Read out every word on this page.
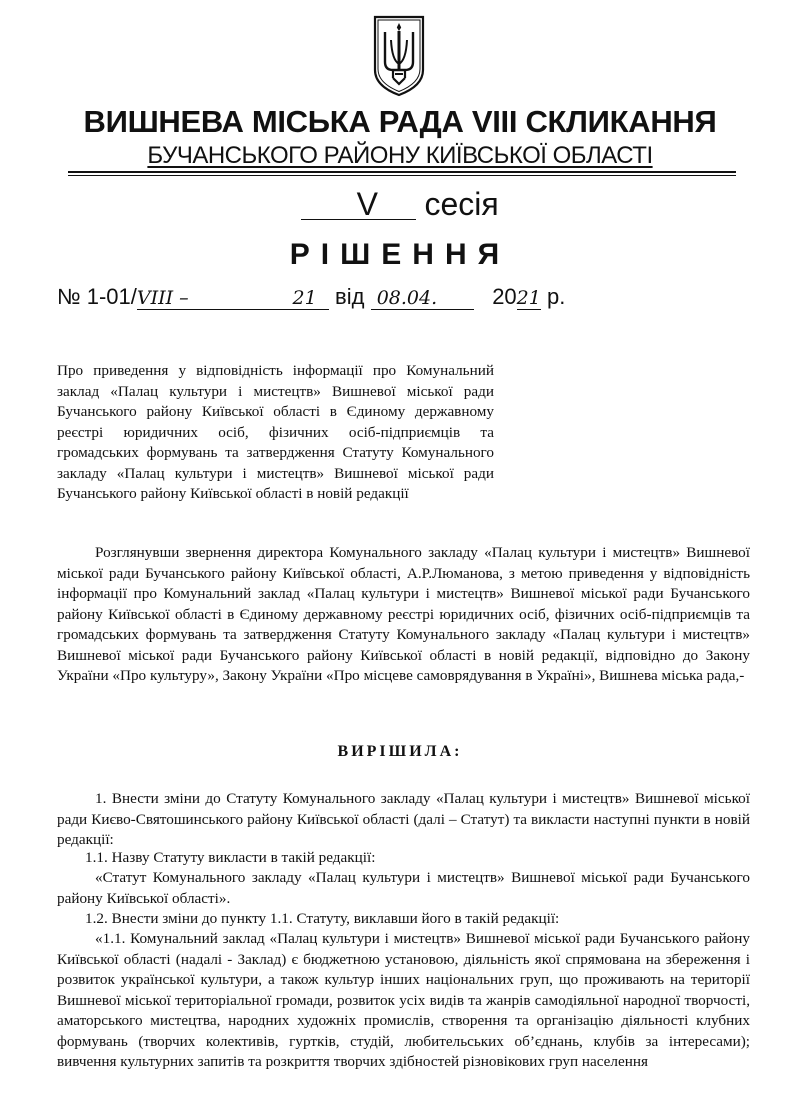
ВИШНЕВА МІСЬКА РАДА VIII СКЛИКАННЯ
БУЧАНСЬКОГО РАЙОНУ КИЇВСЬКОЇ ОБЛАСТІ
V сесія
РІШЕННЯ
№ 1-01/VIII –	21 від 08.04.	2021 р.
Про приведення у відповідність інформації про Комунальний заклад «Палац культури і мистецтв» Вишневої міської ради Бучанського району Київської області в Єдиному державному реєстрі юридичних осіб, фізичних осіб-підприємців та громадських формувань та затвердження Статуту Комунального закладу «Палац культури і мистецтв» Вишневої міської ради Бучанського району Київської області в новій редакції
Розглянувши звернення директора Комунального закладу «Палац культури і мистецтв» Вишневої міської ради Бучанського району Київської області, А.Р.Люманова, з метою приведення у відповідність інформації про Комунальний заклад «Палац культури і мистецтв» Вишневої міської ради Бучанського району Київської області в Єдиному державному реєстрі юридичних осіб, фізичних осіб-підприємців та громадських формувань та затвердження Статуту Комунального закладу «Палац культури і мистецтв» Вишневої міської ради Бучанського району Київської області в новій редакції, відповідно до Закону України «Про культуру», Закону України «Про місцеве самоврядування в Україні», Вишнева міська рада,-
ВИРІШИЛА:
1. Внести зміни до Статуту Комунального закладу «Палац культури і мистецтв» Вишневої міської ради Києво-Святошинського району Київської області (далі – Статут) та викласти наступні пункти в новій редакції:
1.1. Назву Статуту викласти в такій редакції:
«Статут Комунального закладу «Палац культури і мистецтв» Вишневої міської ради Бучанського району Київської області».
1.2. Внести зміни до пункту 1.1. Статуту, виклавши його в такій редакції:
«1.1. Комунальний заклад «Палац культури і мистецтв» Вишневої міської ради Бучанського району Київської області (надалі - Заклад) є бюджетною установою, діяльність якої спрямована на збереження і розвиток української культури, а також культур інших національних груп, що проживають на території Вишневої міської територіальної громади, розвиток усіх видів та жанрів самодіяльної народної творчості, аматорського мистецтва, народних художніх промислів, створення та організацію діяльності клубних формувань (творчих колективів, гуртків, студій, любительських об’єднань, клубів за інтересами); вивчення культурних запитів та розкриття творчих здібностей різновікових груп населення
